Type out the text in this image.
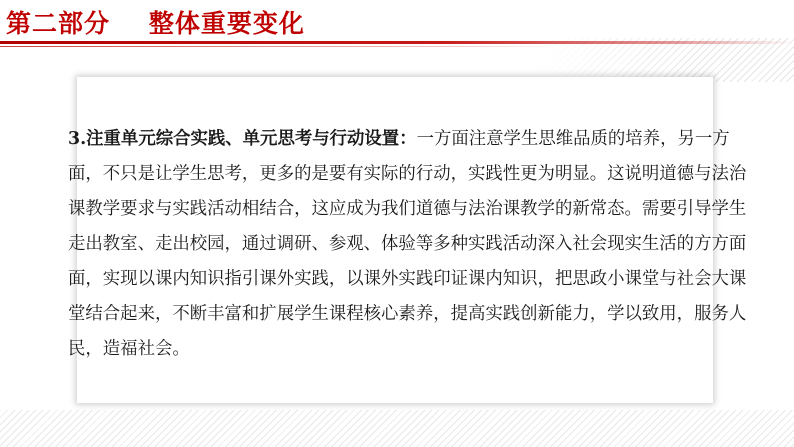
第二部分    整体重要变化

3.注重单元综合实践、单元思考与行动设置：一方面注意学生思维品质的培养，另一方面，不只是让学生思考，更多的是要有实际的行动，实践性更为明显。这说明道德与法治课教学要求与实践活动相结合，这应成为我们道德与法治课教学的新常态。需要引导学生走出教室、走出校园，通过调研、参观、体验等多种实践活动深入社会现实生活的方方面面，实现以课内知识指引课外实践，以课外实践印证课内知识，把思政小课堂与社会大课堂结合起来，不断丰富和扩展学生课程核心素养，提高实践创新能力，学以致用，服务人民，造福社会。
